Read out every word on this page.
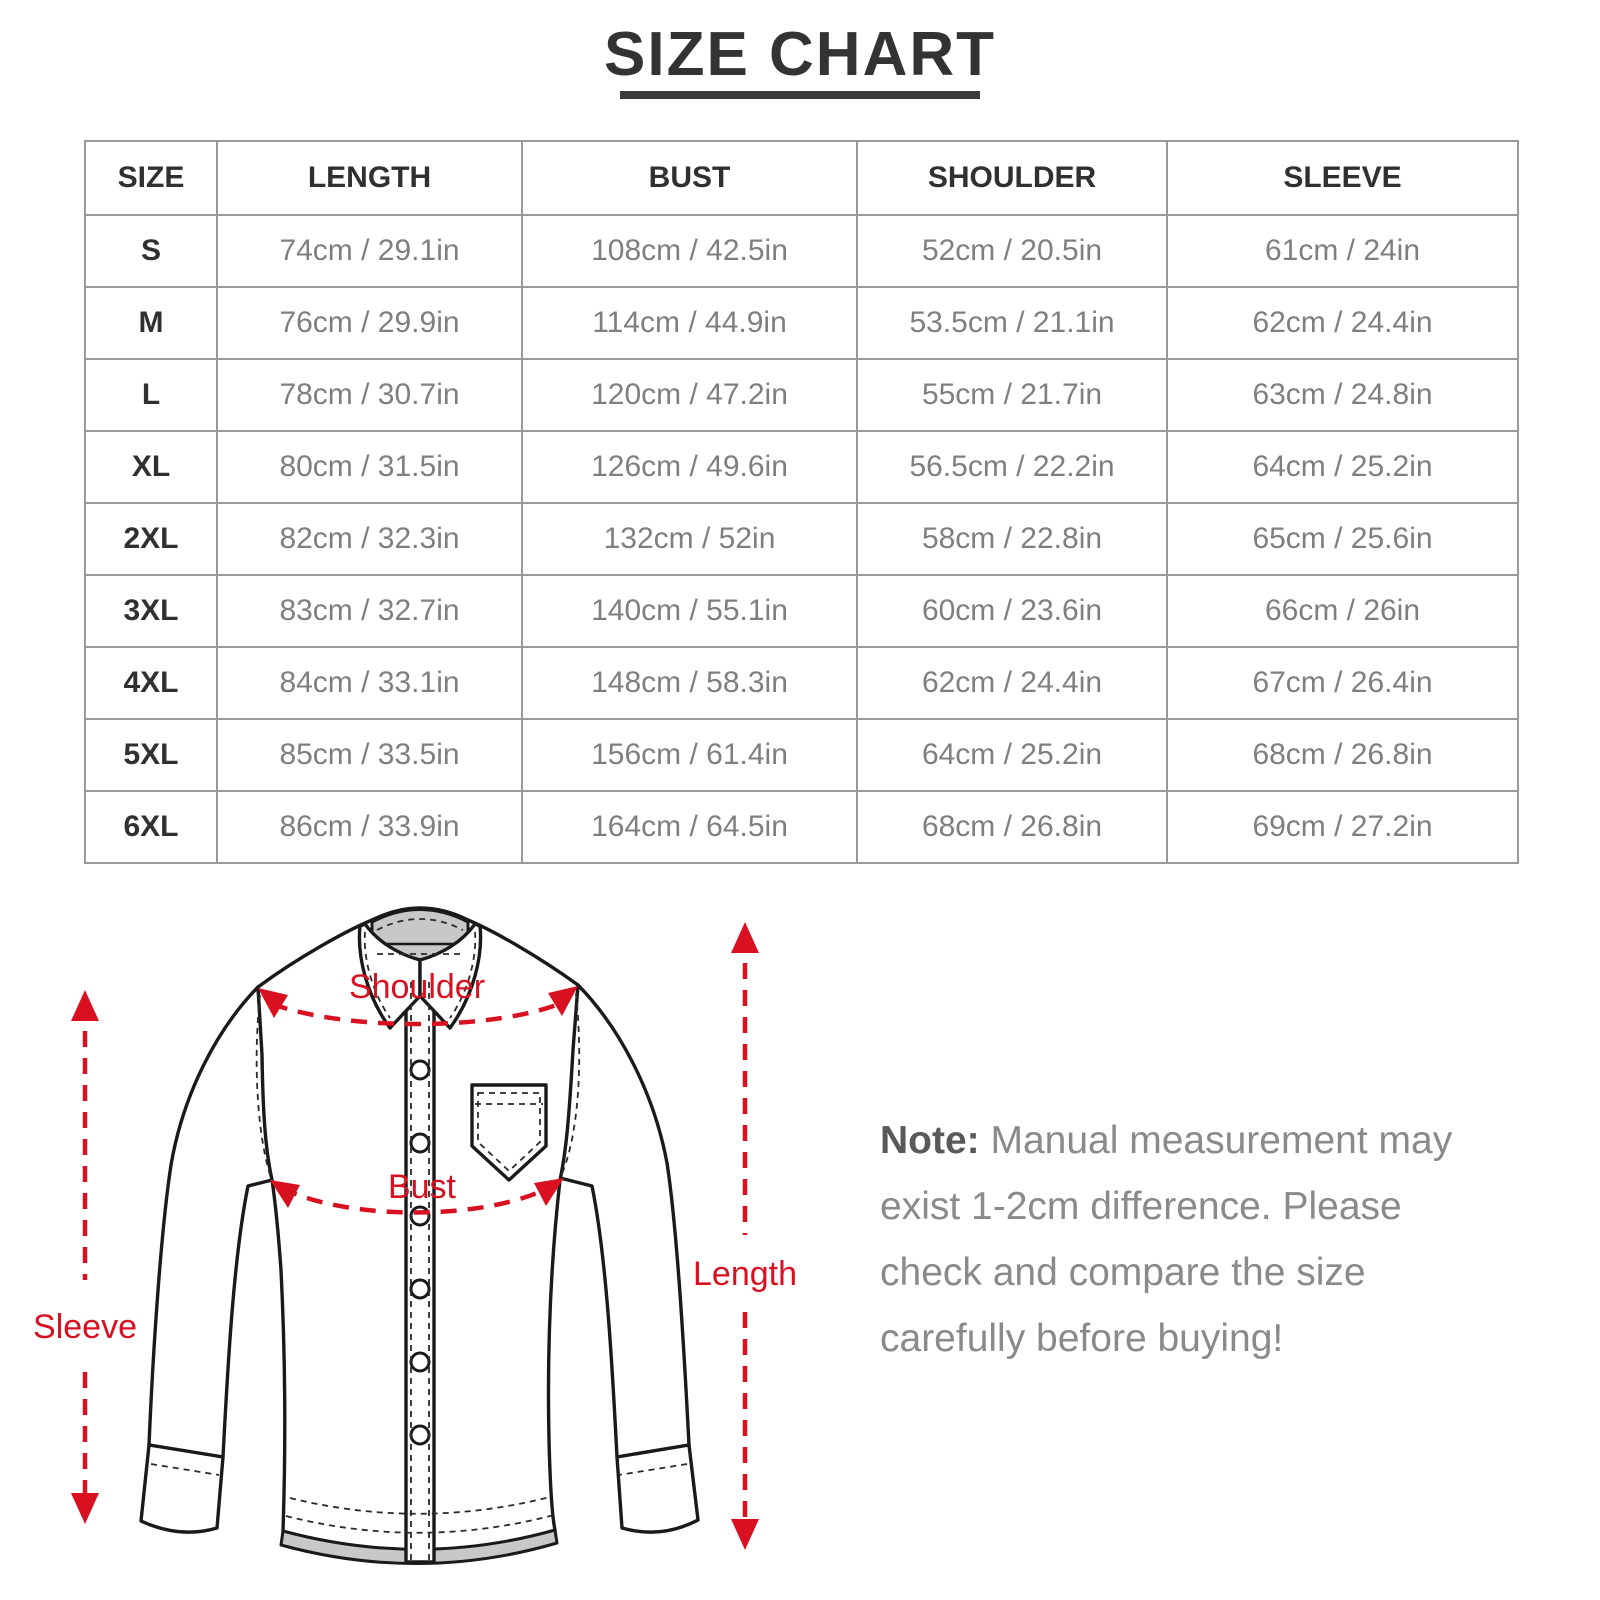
SIZE CHART
SIZE	LENGTH	BUST	SHOULDER	SLEEVE
S	74cm / 29.1in	108cm / 42.5in	52cm / 20.5in	61cm / 24in
M	76cm / 29.9in	114cm / 44.9in	53.5cm / 21.1in	62cm / 24.4in
L	78cm / 30.7in	120cm / 47.2in	55cm / 21.7in	63cm / 24.8in
XL	80cm / 31.5in	126cm / 49.6in	56.5cm / 22.2in	64cm / 25.2in
2XL	82cm / 32.3in	132cm / 52in	58cm / 22.8in	65cm / 25.6in
3XL	83cm / 32.7in	140cm / 55.1in	60cm / 23.6in	66cm / 26in
4XL	84cm / 33.1in	148cm / 58.3in	62cm / 24.4in	67cm / 26.4in
5XL	85cm / 33.5in	156cm / 61.4in	64cm / 25.2in	68cm / 26.8in
6XL	86cm / 33.9in	164cm / 64.5in	68cm / 26.8in	69cm / 27.2in
Shoulder
Bust
Sleeve
Length
Note: Manual measurement may
exist 1-2cm difference. Please
check and compare the size
carefully before buying!
